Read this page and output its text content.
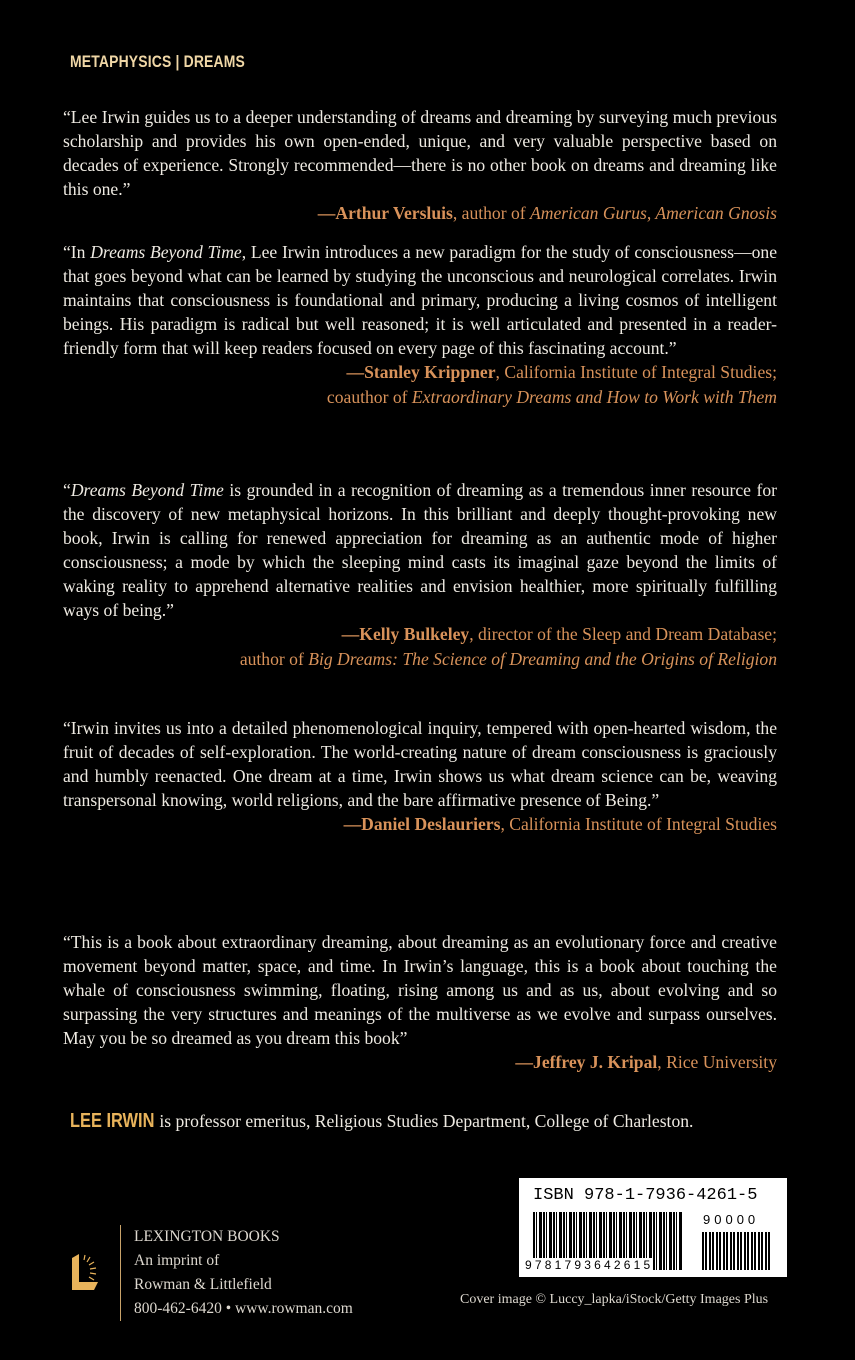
METAPHYSICS | DREAMS
“Lee Irwin guides us to a deeper understanding of dreams and dreaming by surveying much previous scholarship and provides his own open-ended, unique, and very valuable perspective based on decades of experience. Strongly recommended—there is no other book on dreams and dreaming like this one.”
—Arthur Versluis, author of American Gurus, American Gnosis
“In Dreams Beyond Time, Lee Irwin introduces a new paradigm for the study of consciousness—one that goes beyond what can be learned by studying the unconscious and neurological correlates. Irwin maintains that consciousness is foundational and primary, producing a living cosmos of intelligent beings. His paradigm is radical but well reasoned; it is well articulated and presented in a reader-friendly form that will keep readers focused on every page of this fascinating account.”
—Stanley Krippner, California Institute of Integral Studies;
coauthor of Extraordinary Dreams and How to Work with Them
“Dreams Beyond Time is grounded in a recognition of dreaming as a tremendous inner resource for the discovery of new metaphysical horizons. In this brilliant and deeply thought-provoking new book, Irwin is calling for renewed appreciation for dreaming as an authentic mode of higher consciousness; a mode by which the sleeping mind casts its imaginal gaze beyond the limits of waking reality to apprehend alternative realities and envision healthier, more spiritually fulfilling ways of being.”
—Kelly Bulkeley, director of the Sleep and Dream Database;
author of Big Dreams: The Science of Dreaming and the Origins of Religion
“Irwin invites us into a detailed phenomenological inquiry, tempered with open-hearted wisdom, the fruit of decades of self-exploration. The world-creating nature of dream consciousness is graciously and humbly reenacted. One dream at a time, Irwin shows us what dream science can be, weaving transpersonal knowing, world religions, and the bare affirmative presence of Being.”
—Daniel Deslauriers, California Institute of Integral Studies
“This is a book about extraordinary dreaming, about dreaming as an evolutionary force and creative movement beyond matter, space, and time. In Irwin’s language, this is a book about touching the whale of consciousness swimming, floating, rising among us and as us, about evolving and so surpassing the very structures and meanings of the multiverse as we evolve and surpass ourselves. May you be so dreamed as you dream this book”
—Jeffrey J. Kripal, Rice University
LEE IRWIN is professor emeritus, Religious Studies Department, College of Charleston.
LEXINGTON BOOKS
An imprint of
Rowman & Littlefield
800-462-6420 • www.rowman.com
ISBN 978-1-7936-4261-5
90000
9781793642615
Cover image © Luccy_lapka/iStock/Getty Images Plus
